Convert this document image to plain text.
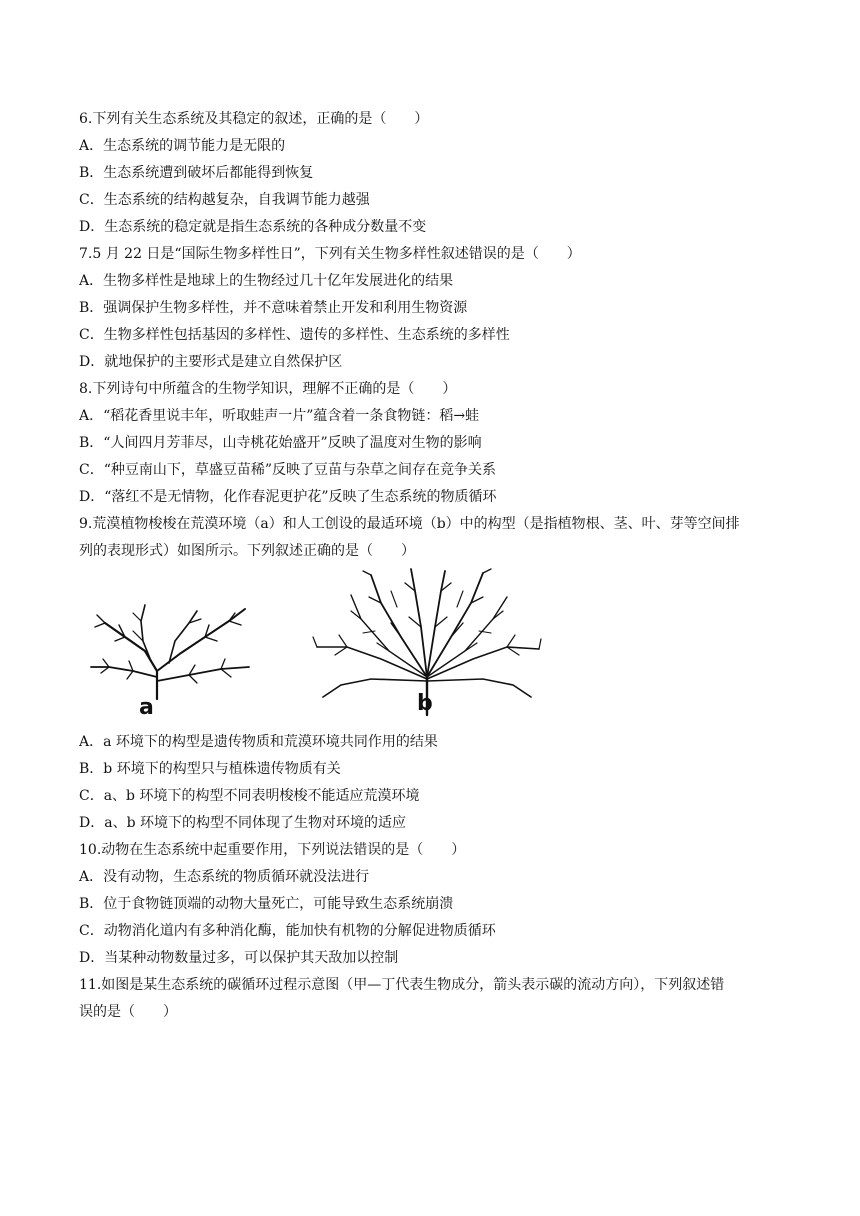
6.下列有关生态系统及其稳定的叙述，正确的是（　　）
A．生态系统的调节能力是无限的
B．生态系统遭到破坏后都能得到恢复
C．生态系统的结构越复杂，自我调节能力越强
D．生态系统的稳定就是指生态系统的各种成分数量不变
7.5 月 22 日是“国际生物多样性日”，下列有关生物多样性叙述错误的是（　　）
A．生物多样性是地球上的生物经过几十亿年发展进化的结果
B．强调保护生物多样性，并不意味着禁止开发和利用生物资源
C．生物多样性包括基因的多样性、遗传的多样性、生态系统的多样性
D．就地保护的主要形式是建立自然保护区
8.下列诗句中所蕴含的生物学知识，理解不正确的是（　　）
A．“稻花香里说丰年，听取蛙声一片”蕴含着一条食物链：稻→蛙
B．“人间四月芳菲尽，山寺桃花始盛开”反映了温度对生物的影响
C．“种豆南山下，草盛豆苗稀”反映了豆苗与杂草之间存在竞争关系
D．“落红不是无情物，化作春泥更护花”反映了生态系统的物质循环
9.荒漠植物梭梭在荒漠环境（a）和人工创设的最适环境（b）中的构型（是指植物根、茎、叶、芽等空间排
列的表现形式）如图所示。下列叙述正确的是（　　）
a	b
A．a 环境下的构型是遗传物质和荒漠环境共同作用的结果
B．b 环境下的构型只与植株遗传物质有关
C．a、b 环境下的构型不同表明梭梭不能适应荒漠环境
D．a、b 环境下的构型不同体现了生物对环境的适应
10.动物在生态系统中起重要作用，下列说法错误的是（　　）
A．没有动物，生态系统的物质循环就没法进行
B．位于食物链顶端的动物大量死亡，可能导致生态系统崩溃
C．动物消化道内有多种消化酶，能加快有机物的分解促进物质循环
D．当某种动物数量过多，可以保护其天敌加以控制
11.如图是某生态系统的碳循环过程示意图（甲—丁代表生物成分，箭头表示碳的流动方向），下列叙述错
误的是（　　）
